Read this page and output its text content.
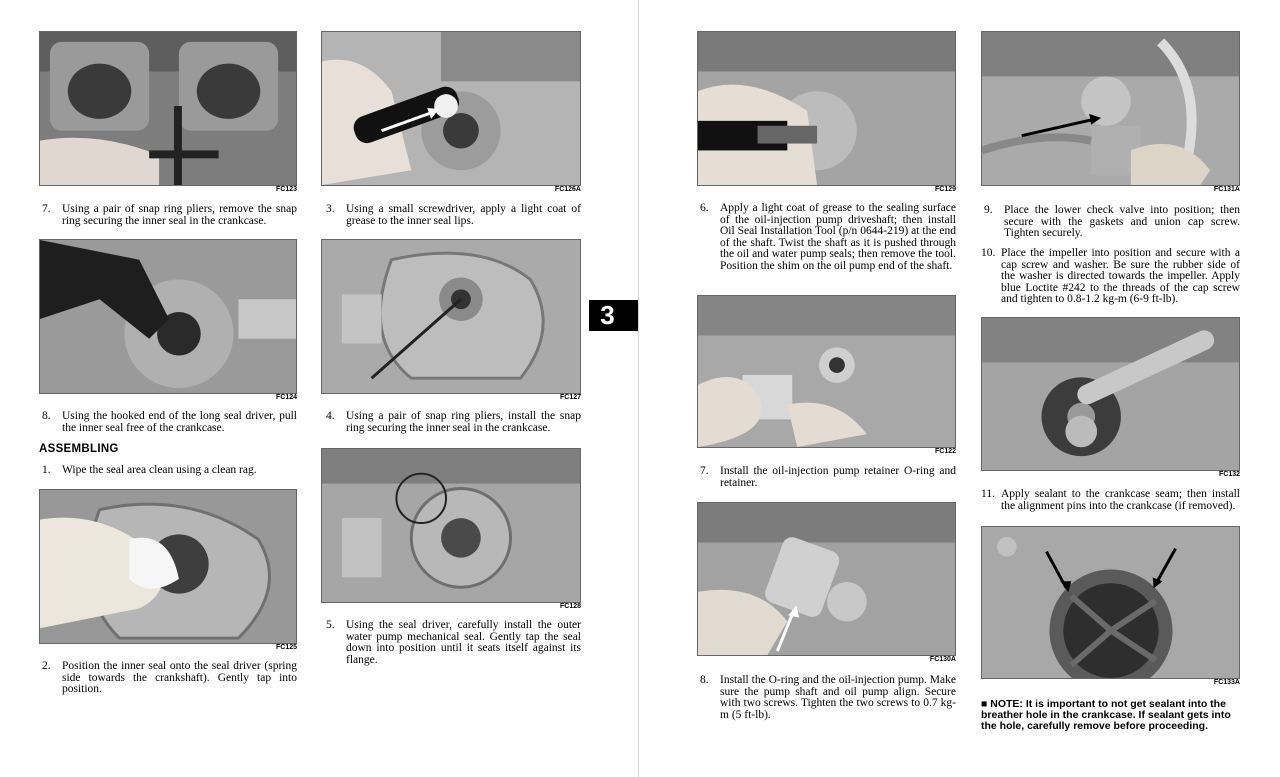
FC123	FC126A
7. Using a pair of snap ring pliers, remove the snap ring securing the inner seal in the crankcase.
3. Using a small screwdriver, apply a light coat of grease to the inner seal lips.
FC124	FC127
8. Using the hooked end of the long seal driver, pull the inner seal free of the crankcase.
4. Using a pair of snap ring pliers, install the snap ring securing the inner seal in the crankcase.
ASSEMBLING
1. Wipe the seal area clean using a clean rag.
FC128
FC125
5. Using the seal driver, carefully install the outer water pump mechanical seal. Gently tap the seal down into position until it seats itself against its flange.
2. Position the inner seal onto the seal driver (spring side towards the crankshaft). Gently tap into position.
3
FC129	FC131A
6. Apply a light coat of grease to the sealing surface of the oil-injection pump driveshaft; then install Oil Seal Installation Tool (p/n 0644-219) at the end of the shaft. Twist the shaft as it is pushed through the oil and water pump seals; then remove the tool. Position the shim on the oil pump end of the shaft.
9. Place the lower check valve into position; then secure with the gaskets and union cap screw. Tighten securely.
10. Place the impeller into position and secure with a cap screw and washer. Be sure the rubber side of the washer is directed towards the impeller. Apply blue Loctite #242 to the threads of the cap screw and tighten to 0.8-1.2 kg-m (6-9 ft-lb).
FC122
FC132
7. Install the oil-injection pump retainer O-ring and retainer.
11. Apply sealant to the crankcase seam; then install the alignment pins into the crankcase (if removed).
FC130A
FC133A
8. Install the O-ring and the oil-injection pump. Make sure the pump shaft and oil pump align. Secure with two screws. Tighten the two screws to 0.7 kg-m (5 ft-lb).
■ NOTE: It is important to not get sealant into the breather hole in the crankcase. If sealant gets into the hole, carefully remove before proceeding.
